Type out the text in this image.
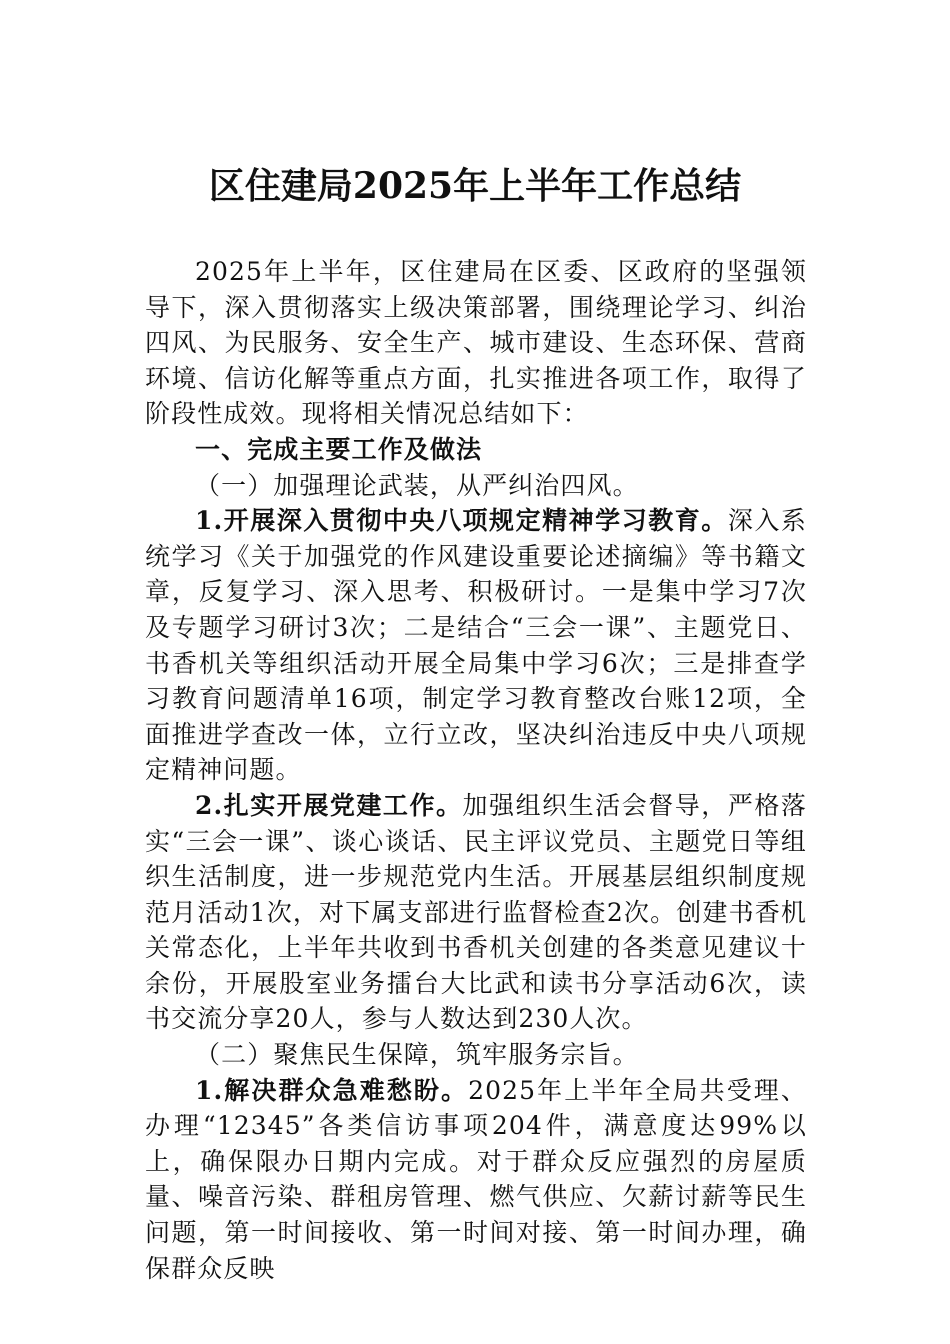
区住建局2025年上半年工作总结

2025年上半年，区住建局在区委、区政府的坚强领导下，深入贯彻落实上级决策部署，围绕理论学习、纠治四风、为民服务、安全生产、城市建设、生态环保、营商环境、信访化解等重点方面，扎实推进各项工作，取得了阶段性成效。现将相关情况总结如下：

一、完成主要工作及做法

（一）加强理论武装，从严纠治四风。

1.开展深入贯彻中央八项规定精神学习教育。深入系统学习《关于加强党的作风建设重要论述摘编》等书籍文章，反复学习、深入思考、积极研讨。一是集中学习7次及专题学习研讨3次；二是结合“三会一课”、主题党日、书香机关等组织活动开展全局集中学习6次；三是排查学习教育问题清单16项，制定学习教育整改台账12项，全面推进学查改一体，立行立改，坚决纠治违反中央八项规定精神问题。

2.扎实开展党建工作。加强组织生活会督导，严格落实“三会一课”、谈心谈话、民主评议党员、主题党日等组织生活制度，进一步规范党内生活。开展基层组织制度规范月活动1次，对下属支部进行监督检查2次。创建书香机关常态化，上半年共收到书香机关创建的各类意见建议十余份，开展股室业务擂台大比武和读书分享活动6次，读书交流分享20人，参与人数达到230人次。

（二）聚焦民生保障，筑牢服务宗旨。

1.解决群众急难愁盼。2025年上半年全局共受理、办理“12345”各类信访事项204件，满意度达99%以上，确保限办日期内完成。对于群众反应强烈的房屋质量、噪音污染、群租房管理、燃气供应、欠薪讨薪等民生问题，第一时间接收、第一时间对接、第一时间办理，确保群众反映
